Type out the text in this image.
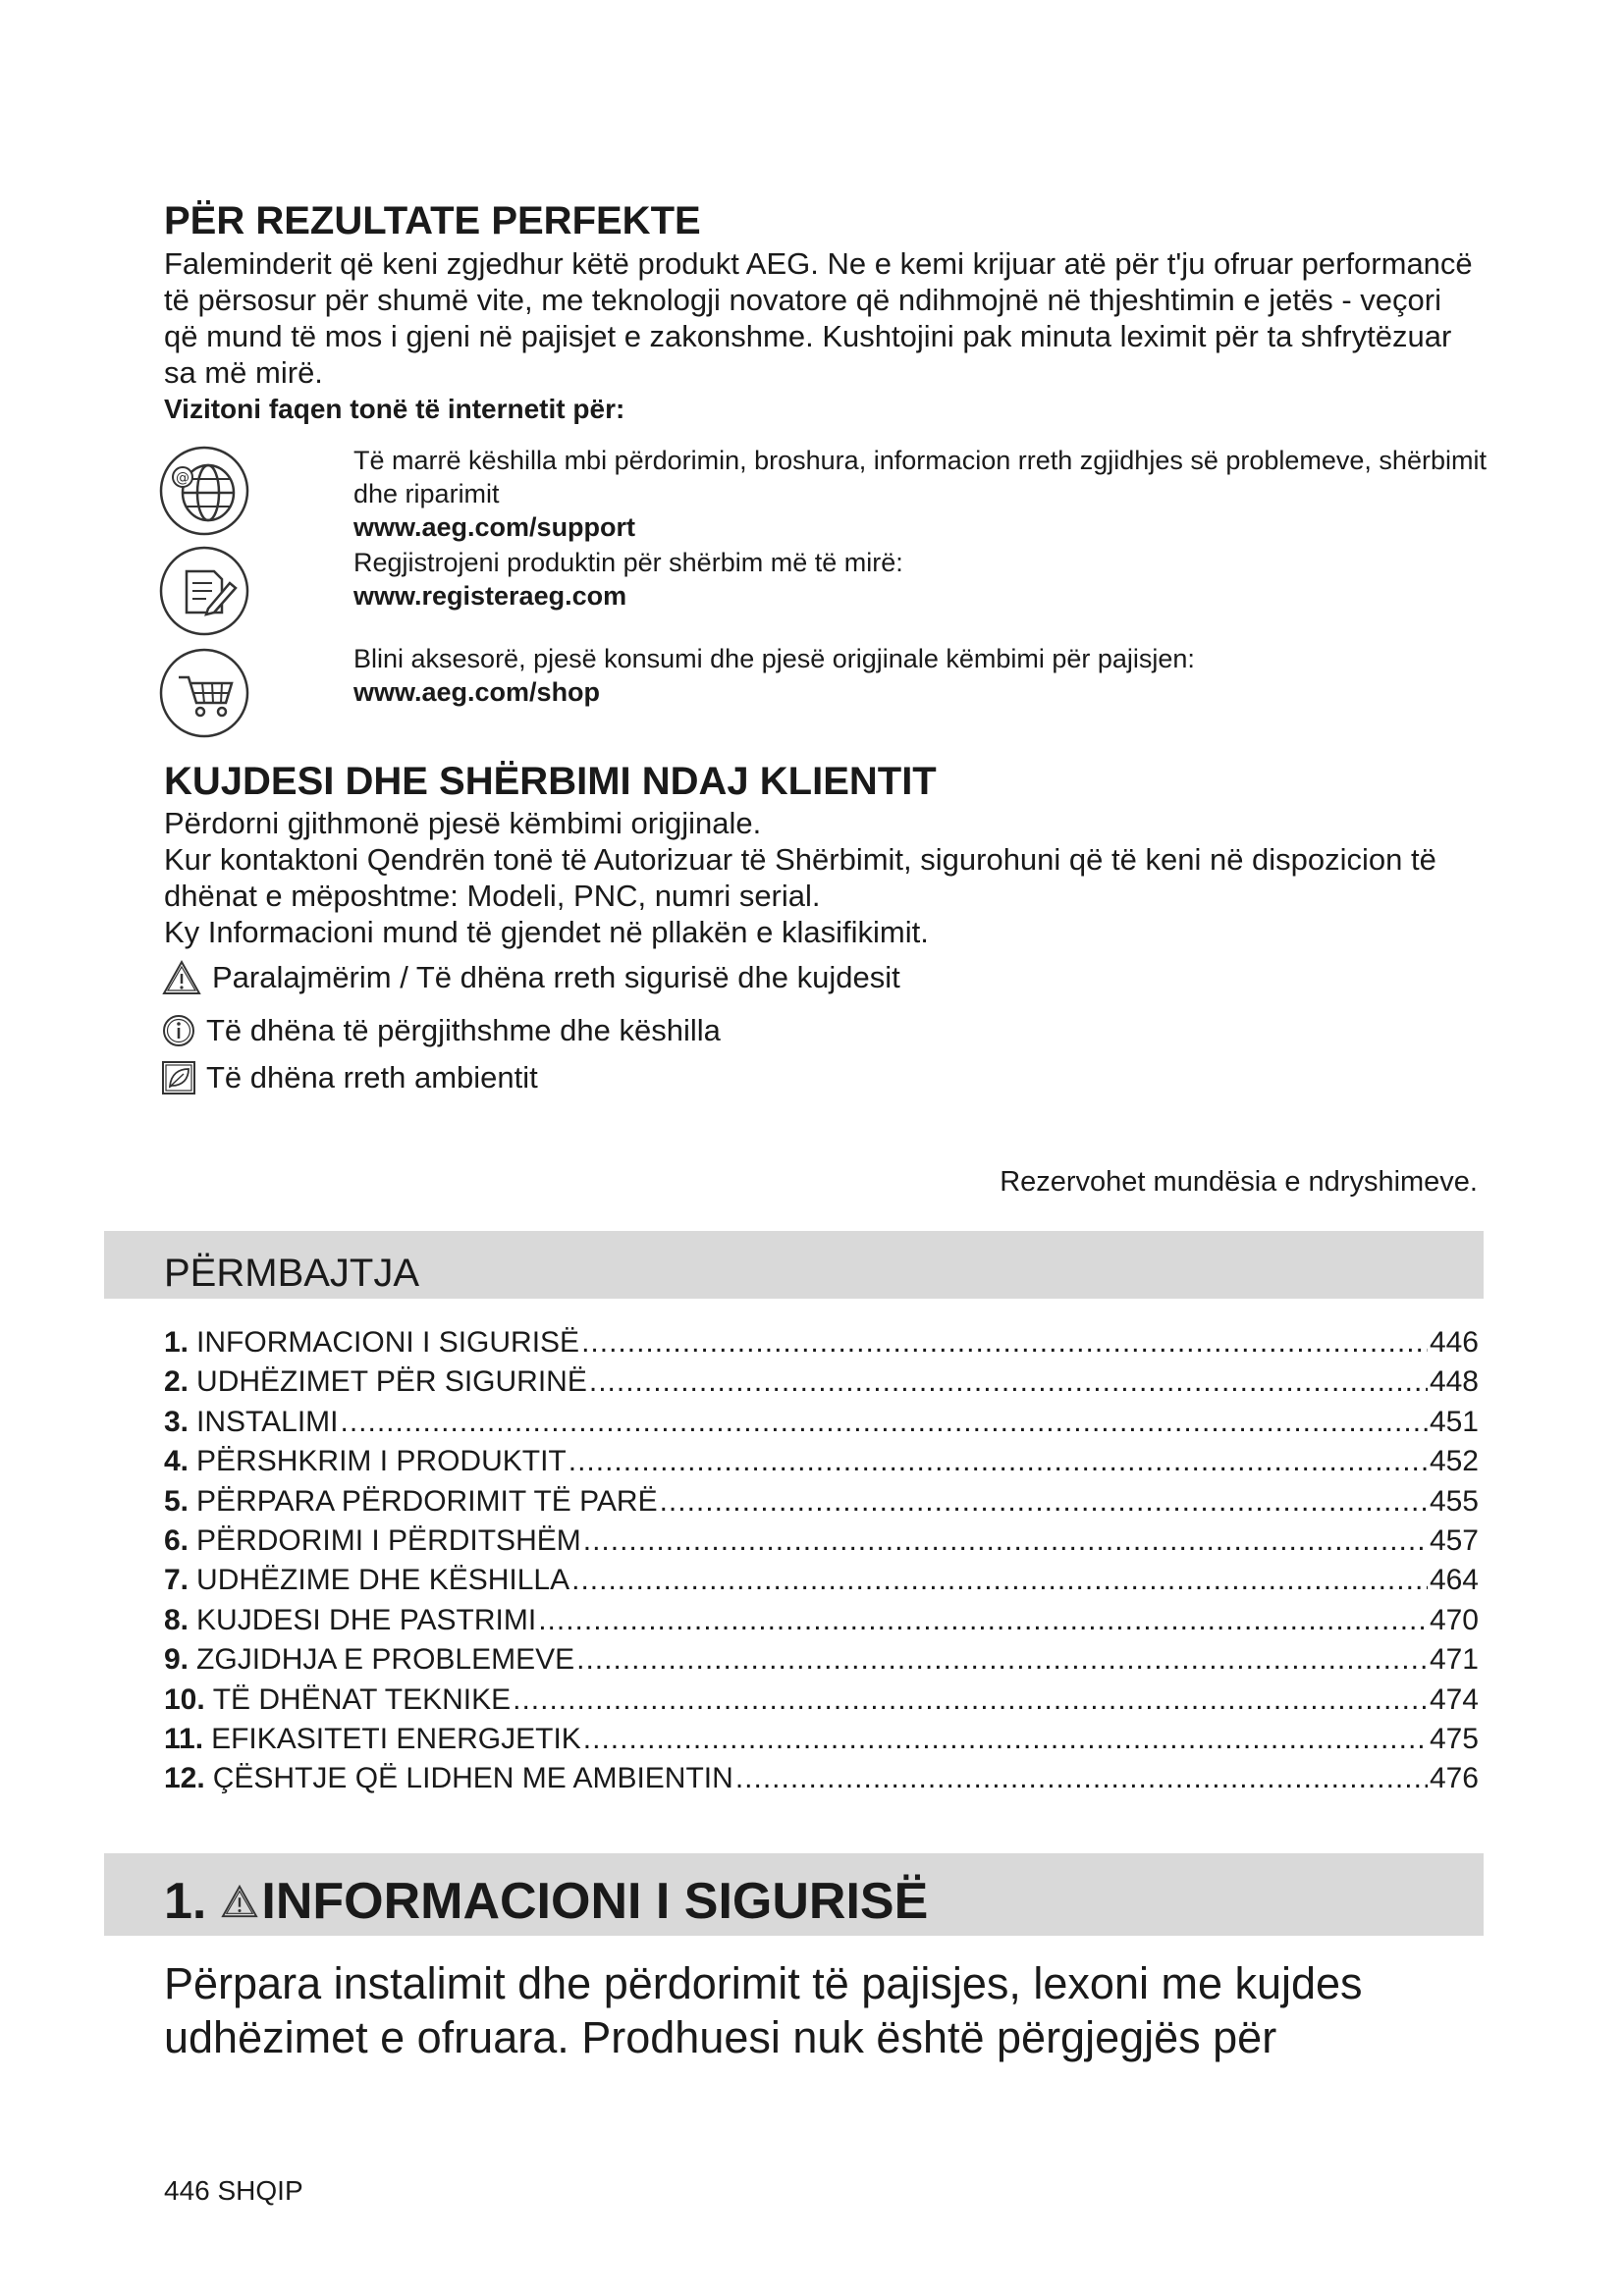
PËR REZULTATE PERFEKTE

Faleminderit që keni zgjedhur këtë produkt AEG. Ne e kemi krijuar atë për t'ju ofruar performancë të përsosur për shumë vite, me teknologji novatore që ndihmojnë në thjeshtimin e jetës - veçori që mund të mos i gjeni në pajisjet e zakonshme. Kushtojini pak minuta leximit për ta shfrytëzuar sa më mirë.

Vizitoni faqen tonë të internetit për:

@
Të marrë këshilla mbi përdorimin, broshura, informacion rreth zgjidhjes së problemeve, shërbimit dhe riparimit
www.aeg.com/support
Regjistrojeni produktin për shërbim më të mirë:
www.registeraeg.com
Blini aksesorë, pjesë konsumi dhe pjesë origjinale këmbimi për pajisjen:
www.aeg.com/shop
KUJDESI DHE SHËRBIMI NDAJ KLIENTIT
Përdorni gjithmonë pjesë këmbimi origjinale.
Kur kontaktoni Qendrën tonë të Autorizuar të Shërbimit, sigurohuni që të keni në dispozicion të dhënat e mëposhtme: Modeli, PNC, numri serial.
Ky Informacioni mund të gjendet në pllakën e klasifikimit.
Paralajmërim / Të dhëna rreth sigurisë dhe kujdesit
Të dhëna të përgjithshme dhe këshilla
Të dhëna rreth ambientit
Rezervohet mundësia e ndryshimeve.
PËRMBAJTJA
1. INFORMACIONI I SIGURISË .....	446
2. UDHËZIMET PËR SIGURINË .....	448
3. INSTALIMI .....	451
4. PËRSHKRIM I PRODUKTIT .....	452
5. PËRPARA PËRDORIMIT TË PARË .....	455
6. PËRDORIMI I PËRDITSHËM .....	457
7. UDHËZIME DHE KËSHILLA .....	464
8. KUJDESI DHE PASTRIMI .....	470
9. ZGJIDHJA E PROBLEMEVE .....	471
10. TË DHËNAT TEKNIKE .....	474
11. EFIKASITETI ENERGJETIK .....	475
12. ÇËSHTJE QË LIDHEN ME AMBIENTIN .....	476
1. INFORMACIONI I SIGURISË

Përpara instalimit dhe përdorimit të pajisjes, lexoni me kujdes udhëzimet e ofruara. Prodhuesi nuk është përgjegjës për

446 SHQIP
